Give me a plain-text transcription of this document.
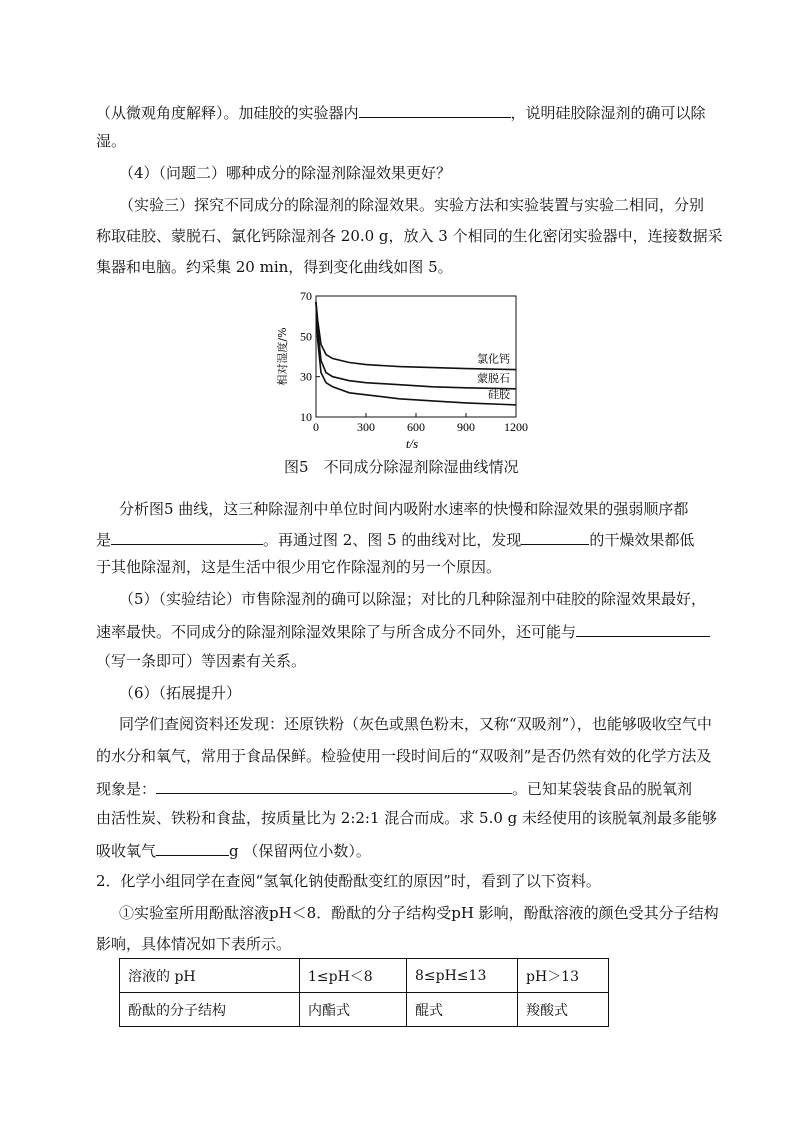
（从微观角度解释）。加硅胶的实验器内	，说明硅胶除湿剂的确可以除
湿。
（4）（问题二）哪种成分的除湿剂除湿效果更好？
（实验三）探究不同成分的除湿剂的除湿效果。实验方法和实验装置与实验二相同，分别
称取硅胶、蒙脱石、氯化钙除湿剂各 20.0 g，放入 3 个相同的生化密闭实验器中，连接数据采
集器和电脑。约采集 20 min，得到变化曲线如图 5。
分析图5 曲线，这三种除湿剂中单位时间内吸附水速率的快慢和除湿效果的强弱顺序都
是	。再通过图 2、图 5 的曲线对比，发现	的干燥效果都低
于其他除湿剂，这是生活中很少用它作除湿剂的另一个原因。
（5）（实验结论）市售除湿剂的确可以除湿；对比的几种除湿剂中硅胶的除湿效果最好，
速率最快。不同成分的除湿剂除湿效果除了与所含成分不同外，还可能与
（写一条即可）等因素有关系。
（6）（拓展提升）
同学们查阅资料还发现：还原铁粉（灰色或黑色粉末，又称“双吸剂”），也能够吸收空气中
的水分和氧气，常用于食品保鲜。检验使用一段时间后的“双吸剂”是否仍然有效的化学方法及
现象是：	。已知某袋装食品的脱氧剂
由活性炭、铁粉和食盐，按质量比为 2:2:1 混合而成。求 5.0 g 未经使用的该脱氧剂最多能够
吸收氧气	g （保留两位小数）。
2．化学小组同学在查阅“氢氧化钠使酚酞变红的原因”时，看到了以下资料。
①实验室所用酚酞溶液pH＜8．酚酞的分子结构受pH 影响，酚酞溶液的颜色受其分子结构
影响，具体情况如下表所示。
0	300	600	900 1200
10
30
50
70
t/s
相对湿度/%	氯化钙
蒙脱石
硅胶
图5　不同成分除湿剂除湿曲线情况
溶液的 pH	1≤pH＜8	8≤pH≤13	pH＞13
酚酞的分子结构	内酯式	醌式	羧酸式
